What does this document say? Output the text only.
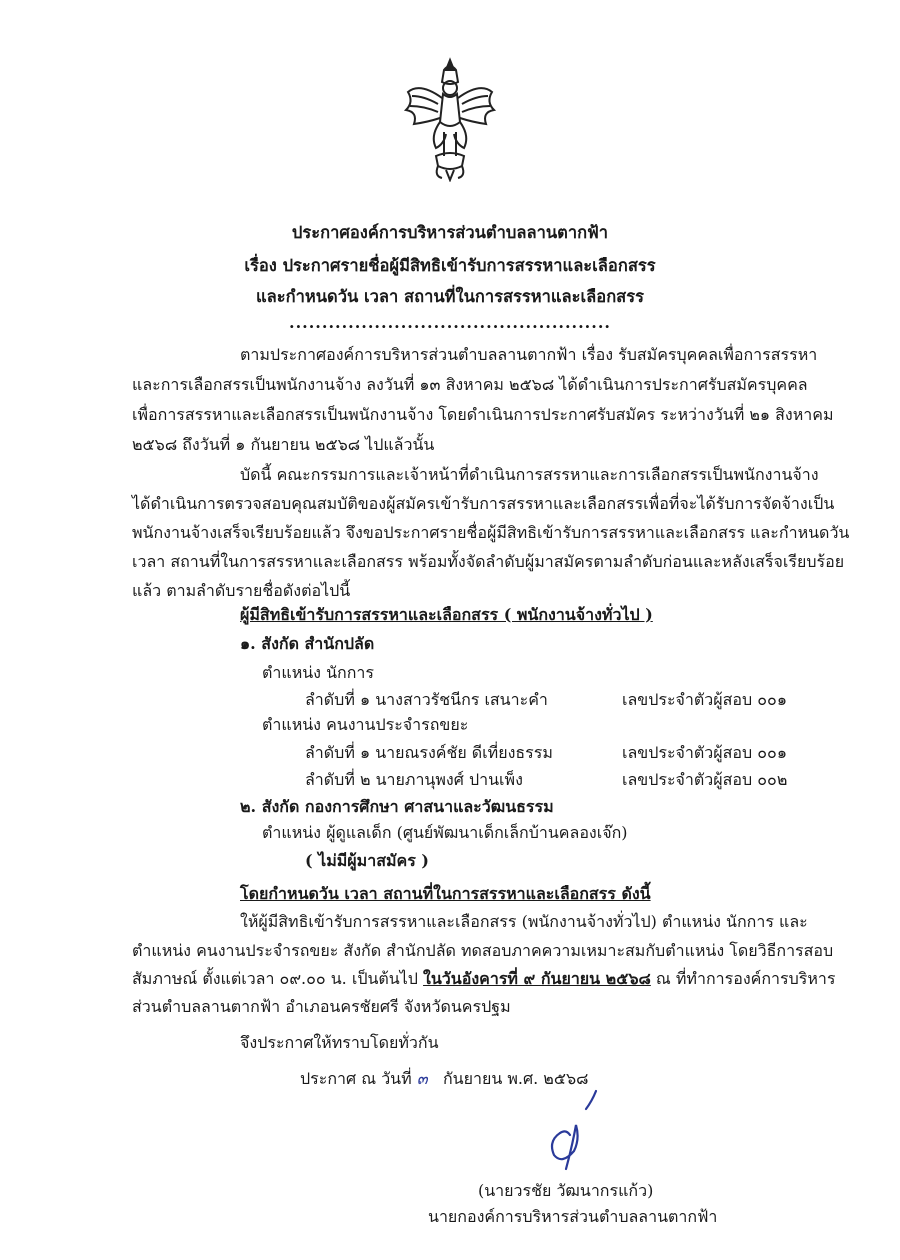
ประกาศองค์การบริหารส่วนตำบลลานตากฟ้า
เรื่อง ประกาศรายชื่อผู้มีสิทธิเข้ารับการสรรหาและเลือกสรร
และกำหนดวัน เวลา สถานที่ในการสรรหาและเลือกสรร
.................................................
ตามประกาศองค์การบริหารส่วนตำบลลานตากฟ้า เรื่อง รับสมัครบุคคลเพื่อการสรรหา
และการเลือกสรรเป็นพนักงานจ้าง ลงวันที่ ๑๓ สิงหาคม ๒๕๖๘ ได้ดำเนินการประกาศรับสมัครบุคคล
เพื่อการสรรหาและเลือกสรรเป็นพนักงานจ้าง โดยดำเนินการประกาศรับสมัคร ระหว่างวันที่ ๒๑ สิงหาคม
๒๕๖๘ ถึงวันที่ ๑ กันยายน ๒๕๖๘ ไปแล้วนั้น
บัดนี้ คณะกรรมการและเจ้าหน้าที่ดำเนินการสรรหาและการเลือกสรรเป็นพนักงานจ้าง
ได้ดำเนินการตรวจสอบคุณสมบัติของผู้สมัครเข้ารับการสรรหาและเลือกสรรเพื่อที่จะได้รับการจัดจ้างเป็น
พนักงานจ้างเสร็จเรียบร้อยแล้ว จึงขอประกาศรายชื่อผู้มีสิทธิเข้ารับการสรรหาและเลือกสรร และกำหนดวัน
เวลา สถานที่ในการสรรหาและเลือกสรร พร้อมทั้งจัดลำดับผู้มาสมัครตามลำดับก่อนและหลังเสร็จเรียบร้อย
แล้ว ตามลำดับรายชื่อดังต่อไปนี้
ผู้มีสิทธิเข้ารับการสรรหาและเลือกสรร ( พนักงานจ้างทั่วไป )
๑. สังกัด สำนักปลัด
ตำแหน่ง นักการ
ลำดับที่ ๑ นางสาวรัชนีกร เสนาะคำ	เลขประจำตัวผู้สอบ ๐๐๑
ตำแหน่ง คนงานประจำรถขยะ
ลำดับที่ ๑ นายณรงค์ชัย ดีเที่ยงธรรม	เลขประจำตัวผู้สอบ ๐๐๑
ลำดับที่ ๒ นายภานุพงศ์ ปานเพ็ง	เลขประจำตัวผู้สอบ ๐๐๒
๒. สังกัด กองการศึกษา ศาสนาและวัฒนธรรม
ตำแหน่ง ผู้ดูแลเด็ก (ศูนย์พัฒนาเด็กเล็กบ้านคลองเจ๊ก)
( ไม่มีผู้มาสมัคร )
โดยกำหนดวัน เวลา สถานที่ในการสรรหาและเลือกสรร ดังนี้
ให้ผู้มีสิทธิเข้ารับการสรรหาและเลือกสรร (พนักงานจ้างทั่วไป) ตำแหน่ง นักการ และ
ตำแหน่ง คนงานประจำรถขยะ สังกัด สำนักปลัด ทดสอบภาคความเหมาะสมกับตำแหน่ง โดยวิธีการสอบ
สัมภาษณ์ ตั้งแต่เวลา ๐๙.๐๐ น. เป็นต้นไป ในวันอังคารที่ ๙ กันยายน ๒๕๖๘ ณ ที่ทำการองค์การบริหาร
ส่วนตำบลลานตากฟ้า อำเภอนครชัยศรี จังหวัดนครปฐม
จึงประกาศให้ทราบโดยทั่วกัน
ประกาศ ณ วันที่ ๓ กันยายน พ.ศ. ๒๕๖๘
(นายวรชัย วัฒนากรแก้ว)
นายกองค์การบริหารส่วนตำบลลานตากฟ้า
